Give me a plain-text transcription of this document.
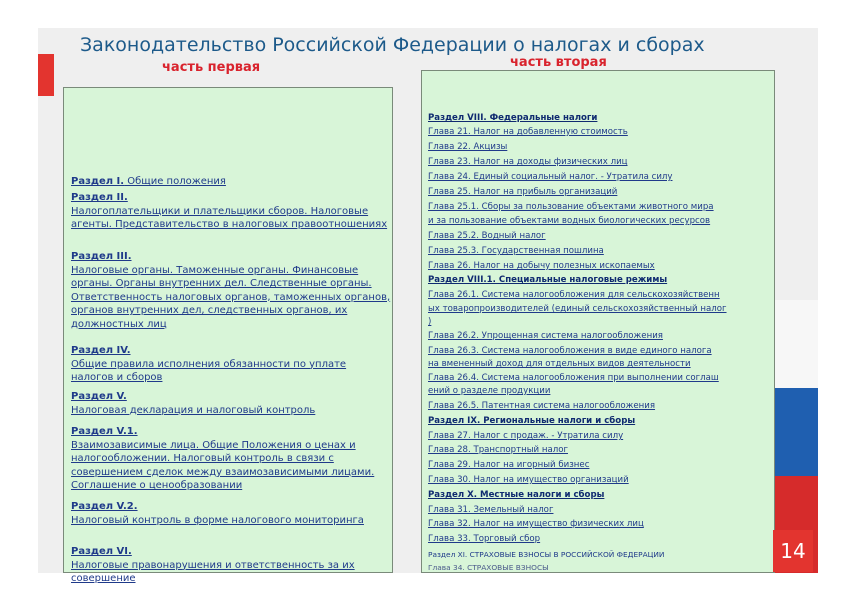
Законодательство Российской Федерации о налогах и сборах
часть первая	часть вторая
Раздел I. Общие положения
Раздел II.
Налогоплательщики и плательщики сборов. Налоговые агенты. Представительство в налоговых правоотношениях
Раздел III.
Налоговые органы. Таможенные органы. Финансовые органы. Органы внутренних дел. Следственные органы. Ответственность налоговых органов, таможенных органов, органов внутренних дел, следственных органов, их должностных лиц
Раздел IV.
Общие правила исполнения обязанности по уплате налогов и сборов
Раздел V.
Налоговая декларация и налоговый контроль
Раздел V.1.
Взаимозависимые лица. Общие Положения о ценах и налогообложении. Налоговый контроль в связи с совершением сделок между взаимозависимыми лицами. Соглашение о ценообразовании
Раздел V.2.
Налоговый контроль в форме налогового мониторинга
Раздел VI.
Налоговые правонарушения и ответственность за их совершение
Раздел VIII. Федеральные налоги
Глава 21. Налог на добавленную стоимость
Глава 22. Акцизы
Глава 23. Налог на доходы физических лиц
Глава 24. Единый социальный налог. - Утратила силу
Глава 25. Налог на прибыль организаций
Глава 25.1. Сборы за пользование объектами животного мира
и за пользование объектами водных биологических ресурсов
Глава 25.2. Водный налог
Глава 25.3. Государственная пошлина
Глава 26. Налог на добычу полезных ископаемых
Раздел VIII.1. Специальные налоговые режимы
Глава 26.1. Система налогообложения для сельскохозяйственн
ых товаропроизводителей (единый сельскохозяйственный налог
)
Глава 26.2. Упрощенная система налогообложения
Глава 26.3. Система налогообложения в виде единого налога
на вмененный доход для отдельных видов деятельности
Глава 26.4. Система налогообложения при выполнении соглаш
ений о разделе продукции
Глава 26.5. Патентная система налогообложения
Раздел IX. Региональные налоги и сборы
Глава 27. Налог с продаж. - Утратила силу
Глава 28. Транспортный налог
Глава 29. Налог на игорный бизнес
Глава 30. Налог на имущество организаций
Раздел X. Местные налоги и сборы
Глава 31. Земельный налог
Глава 32. Налог на имущество физических лиц
Глава 33. Торговый сбор
Раздел XI. СТРАХОВЫЕ ВЗНОСЫ В РОССИЙСКОЙ ФЕДЕРАЦИИ
Глава 34. СТРАХОВЫЕ ВЗНОСЫ
14
